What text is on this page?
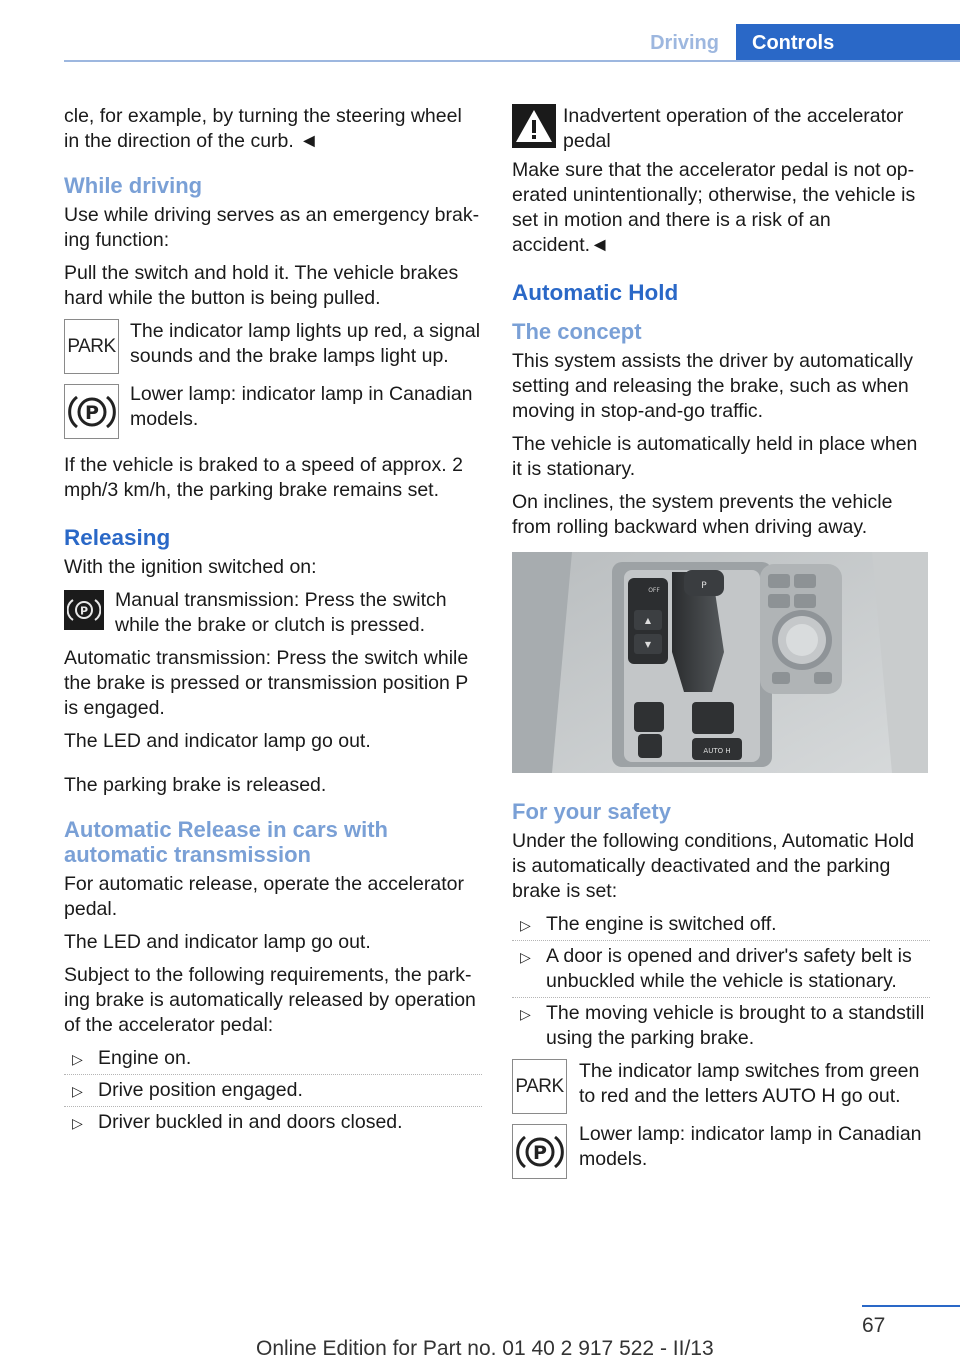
Driving	Controls

cle, for example, by turning the steering wheel in the direction of the curb. ◄

While driving

Use while driving serves as an emergency brak-ing function:

Pull the switch and hold it. The vehicle brakes hard while the button is being pulled.

PARK
The indicator lamp lights up red, a signal sounds and the brake lamps light up.
P
Lower lamp: indicator lamp in Canadian models.

If the vehicle is braked to a speed of approx. 2 mph/3 km/h, the parking brake remains set.

Releasing

With the ignition switched on:

P Manual transmission: Press the switch while the brake or clutch is pressed.

Automatic transmission: Press the switch while the brake is pressed or transmission position P is engaged.

The LED and indicator lamp go out.

The parking brake is released.

Automatic Release in cars with automatic transmission

For automatic release, operate the accelerator pedal.

The LED and indicator lamp go out.

Subject to the following requirements, the park-ing brake is automatically released by operation of the accelerator pedal:

▷ Engine on.
▷ Drive position engaged.
▷ Driver buckled in and doors closed.
Inadvertent operation of the accelerator pedal

Make sure that the accelerator pedal is not op-erated unintentionally; otherwise, the vehicle is set in motion and there is a risk of an accident.◄

Automatic Hold
The concept

This system assists the driver by automatically setting and releasing the brake, such as when moving in stop-and-go traffic.

The vehicle is automatically held in place when it is stationary.

On inclines, the system prevents the vehicle from rolling backward when driving away.

▲
▼
OFF	P
AUTO H
For your safety

Under the following conditions, Automatic Hold is automatically deactivated and the parking brake is set:

▷ The engine is switched off.
▷ A door is opened and driver's safety belt is unbuckled while the vehicle is stationary.
▷ The moving vehicle is brought to a standstill using the parking brake.
PARK
The indicator lamp switches from green to red and the letters AUTO H go out.
P
Lower lamp: indicator lamp in Canadian models.
67
Online Edition for Part no. 01 40 2 917 522 - II/13
